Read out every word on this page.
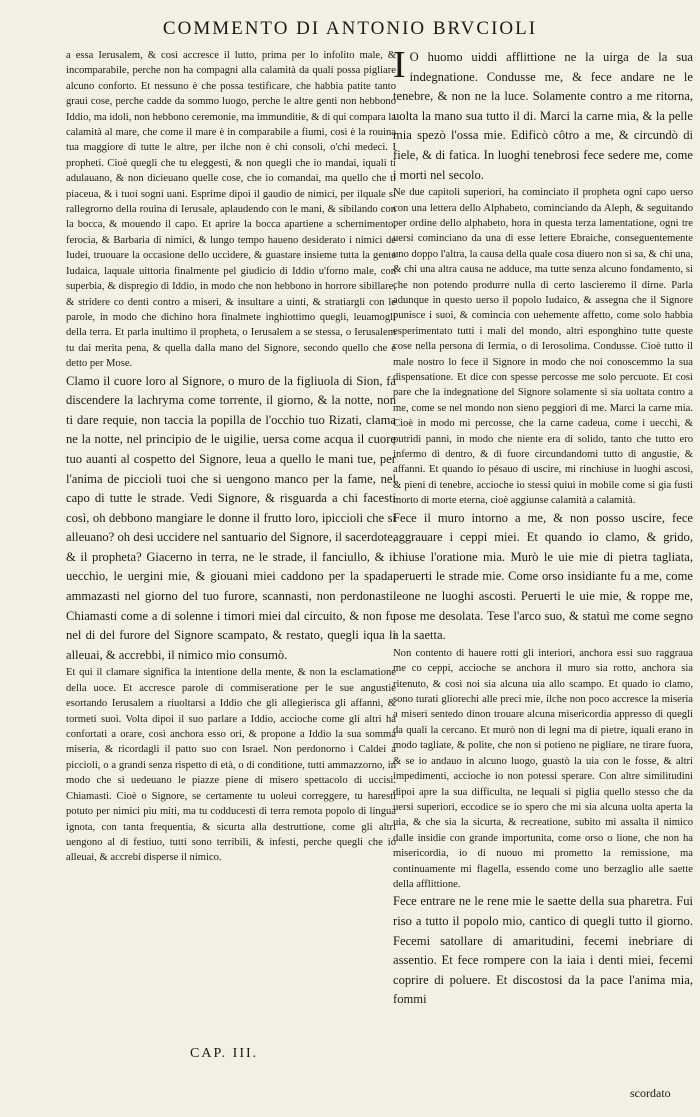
COMMENTO DI ANTONIO BRVCIOLI

a essa Ierusalem, & così accresce il lutto, prima per lo infolito male, & incomparabile, perche non ha compagni alla calamità da quali possa pigliare alcuno conforto. Et nessuno è che possa testificare, che habbia patite tanto graui cose, perche cadde da sommo luogo, perche le altre genti non hebbono Iddio, ma idoli, non hebbono ceremonie, ma immunditie, & di qui compara la calamità al mare, che come il mare è in comparabile a fiumi, così è la rouina tua maggiore di tutte le altre, per ilche non è chi consoli, o'chi medeci. I propheti. Cioè quegli che tu eleggesti, & non quegli che io mandai, iquali ti adulauano, & non dicieuano quelle cose, che io comandai, ma quello che ti piaceua, & i tuoi sogni uani. Esprime dipoi il gaudio de nimici, per ilquale si rallegrorno della rouina di Ierusale, aplaudendo con le mani, & sibilando con la bocca, & mouendo il capo. Et aprire la bocca apartiene a schernimento, ferocia, & Barbaria di nimici, & lungo tempo haueno desiderato i nimici de Iudei, truouare la occasione dello uccidere, & guastare insieme tutta la gente Iudaica, laquale uittoria finalmente pel giudicio di Iddio u'forno male, con superbia, & dispregio di Iddio, in modo che non hebbono in horrore sibillare, & stridere co denti contro a miseri, & insultare a uinti, & stratiargli con le parole, in modo che dichino hora finalmete inghiottimo quegli, leuamogli della terra. Et parla inultimo il propheta, o Ierusalem a se stessa, o Ierusalem tu dai merita pena, & quella dalla mano del Signore, secondo quello che è detto per Mose.

Clamo il cuore loro al Signore, o muro de la figliuola di Sion, fa discendere la lachryma come torrente, il giorno, & la notte, non ti dare requie, non taccia la popilla de l'occhio tuo Rizati, clama ne la notte, nel principio de le uigilie, uersa come acqua il cuore tuo auanti al cospetto del Signore, leua a quello le mani tue, per l'anima de piccioli tuoi che si uengono manco per la fame, nel capo di tutte le strade. Vedi Signore, & risguarda a chi facesti così, oh debbono mangiare le donne il frutto loro, ipiccioli che si alleuano? oh desi uccidere nel santuario del Signore, il sacerdote, & il propheta? Giacerno in terra, ne le strade, il fanciullo, & il uecchio, le uergini mie, & giouani miei caddono per la spada, ammazasti nel giorno del tuo furore, scannasti, non perdonasti. Chiamasti come a di solenne i timori miei dal circuito, & non fu nel di del furore del Signore scampato, & restato, quegli iqua li alleuai, & accrebbi, il nimico mio consumò.

Et qui il clamare significa la intentione della mente, & non la esclamatione della uoce. Et accresce parole di commiseratione per le sue angustie esortando Ierusalem a riuoltarsi a Iddio che gli allegierisca gli affanni, & tormeti suoi. Volta dipoi il suo parlare a Iddio, accioche come gli altri ha confortati a orare, così anchora esso ori, & propone a Iddio la sua somma miseria, & ricordagli il patto suo con Israel. Non perdonorno i Caldei a piccioli, o a grandi senza rispetto di età, o di conditione, tutti ammazzorno, in modo che si uedeuano le piazze piene di misero spettacolo di uccisi. Chiamasti. Cioè o Signore, se certamente tu uoleui correggere, tu haresti potuto per nimici piu miti, ma tu codducesti di terra remota popolo di lingua ignota, con tanta frequentia, & sicurta alla destruttione, come gli altri uengono al di festiuo, tutti sono terribili, & infesti, perche quegli che io alleuai, & accrebi disperse il nimico.

CAP. III.

I O huomo uiddi afflittione ne la uirga de la sua indegnatione. Condusse me, & fece andare ne le tenebre, & non ne la luce. Solamente contro a me ritorna, uolta la mano sua tutto il di. Marci la carne mia, & la pelle mia spezò l'ossa mie. Edificò côtro a me, & circundò di fiele, & di fatica. In luoghi tenebrosi fece sedere me, come i morti nel secolo.

Ne due capitoli superiori, ha cominciato il propheta ogni capo uerso con una lettera dello Alphabeto, cominciando da Aleph, & seguitando per ordine dello alphabeto, hora in questa terza lamentatione, ogni tre uersi cominciano da una di esse lettere Ebraiche, conseguentemente uno doppo l'altra, la causa della quale cosa diuero non si sa, & chi una, & chi una altra causa ne adduce, ma tutte senza alcuno fondamento, si che non potendo produrre nulla di certo lascieremo il dirne. Parla adunque in questo uerso il popolo Iudaico, & assegna che il Signore punisce i suoi, & comincia con uehemente affetto, come solo habbia esperimentato tutti i mali del mondo, altri esponghino tutte queste cose nella persona di Iermia, o di Ierosolima. Condusse. Cioè tutto il male nostro lo fece il Signore in modo che noi conoscemmo la sua dispensatione. Et dice con spesse percosse me solo percuote. Et così pare che la indegnatione del Signore solamente si sia uoltata contro a me, come se nel mondo non sieno peggiori di me. Marci la carne mia. Cioè in modo mi percosse, che la carne cadeua, come i uecchi, & putridi panni, in modo che niente era di solido, tanto che tutto ero infermo di dentro, & di fuore circundandomi tutto di angustie, & affanni. Et quando io pésauo di uscire, mi rinchiuse in luoghi ascosi, & pieni di tenebre, accioche io stessi quiui in mobile come si gia fusti morto di morte eterna, cioè aggiunse calamità a calamità.

Fece il muro intorno a me, & non posso uscire, fece aggrauare i ceppi miei. Et quando io clamo, & grido, chiuse l'oratione mia. Murò le uie mie di pietra tagliata, peruerti le strade mie. Come orso insidiante fu a me, come leone ne luoghi ascosti. Peruerti le uie mie, & roppe me, pose me desolata. Tese l'arco suo, & statuì me come segno a la saetta.

Non contento di hauere rotti gli interiori, anchora essi suo raggraua me co ceppi, accioche se anchora il muro sia rotto, anchora sia ritenuto, & così noi sia alcuna uia allo scampo. Et quado io clamo, sono turati gliorechi alle preci mie, ilche non poco accresce la miseria a miseri sentedo dinon trouare alcuna misericordia appresso di quegli da quali la cercano. Et murò non di legni ma di pietre, iquali erano in modo tagliate, & polite, che non si potieno ne pigliare, ne tirare fuora, & se io andauo in alcuno luogo, guastò la uia con le fosse, & altri impedimenti, accioche io non potessi sperare. Con altre similitudini dipoi apre la sua difficulta, ne lequali si piglia quello stesso che da uersi superiori, eccodice se io spero che mi sia alcuna uolta aperta la uia, & che sia la sicurta, & recreatione, subito mi assalta il nimico dalle insidie con grande importunita, come orso o lione, che non ha misericordia, io di nuouo mi prometto la remissione, ma continuamente mi flagella, essendo come uno berzaglio alle saette della afflittione.

Fece entrare ne le rene mie le saette della sua pharetra. Fui riso a tutto il popolo mio, cantico di quegli tutto il giorno. Fecemi satollare di amaritudini, fecemi inebriare di assentio. Et fece rompere con la iaia i denti miei, fecemi coprire di poluere. Et discostosi da la pace l'anima mia, fommi

scordato
